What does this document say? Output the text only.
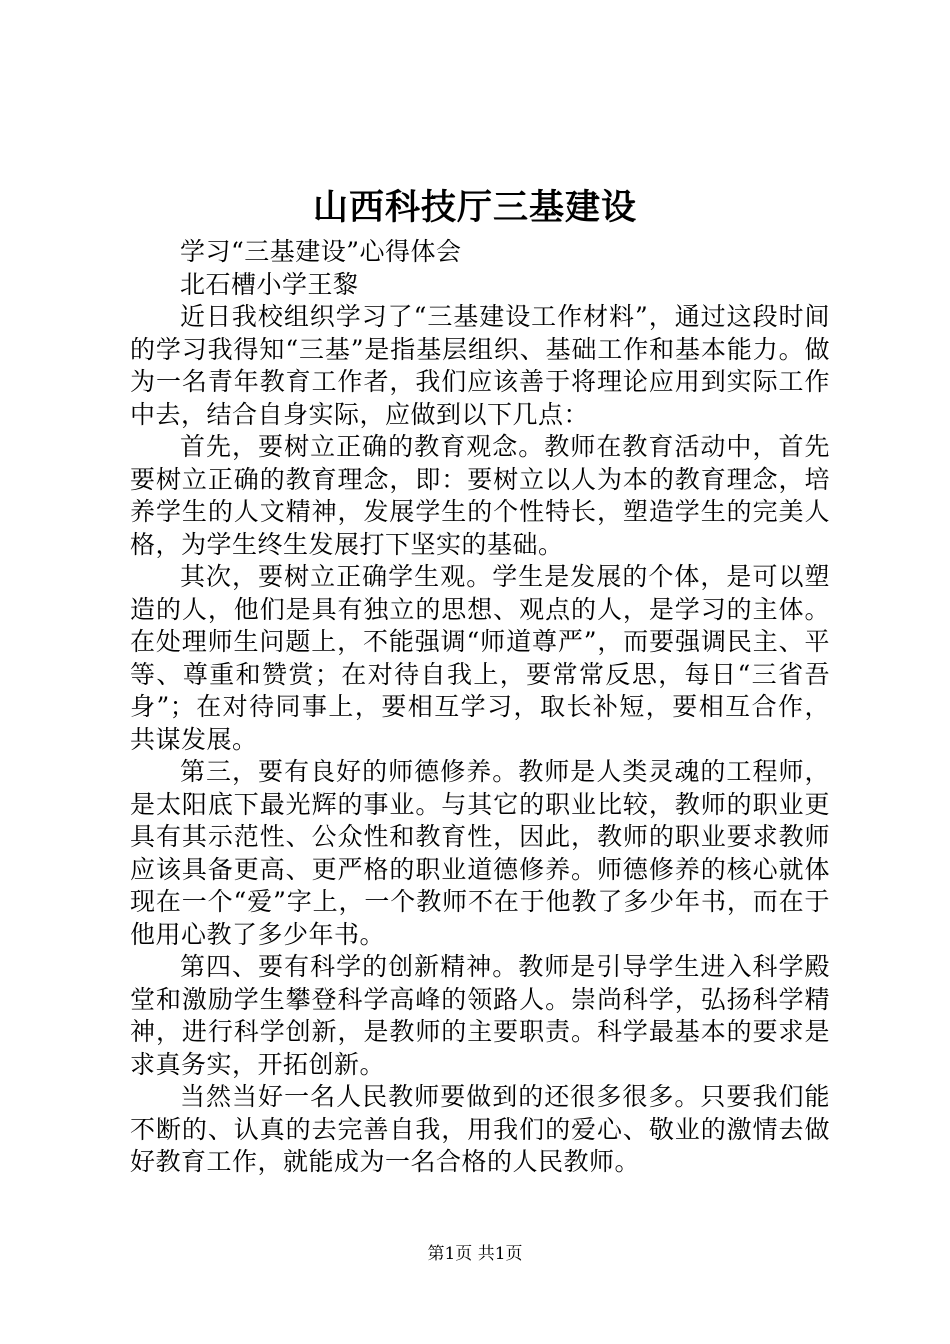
山西科技厅三基建设

学习“三基建设”心得体会

北石槽小学王黎

近日我校组织学习了“三基建设工作材料”，通过这段时间的学习我得知“三基”是指基层组织、基础工作和基本能力。做为一名青年教育工作者，我们应该善于将理论应用到实际工作中去，结合自身实际，应做到以下几点：

首先，要树立正确的教育观念。教师在教育活动中，首先要树立正确的教育理念，即：要树立以人为本的教育理念，培养学生的人文精神，发展学生的个性特长，塑造学生的完美人格，为学生终生发展打下坚实的基础。

其次，要树立正确学生观。学生是发展的个体，是可以塑造的人，他们是具有独立的思想、观点的人，是学习的主体。在处理师生问题上，不能强调“师道尊严”，而要强调民主、平等、尊重和赞赏；在对待自我上，要常常反思，每日“三省吾身”；在对待同事上，要相互学习，取长补短，要相互合作，共谋发展。

第三，要有良好的师德修养。教师是人类灵魂的工程师，是太阳底下最光辉的事业。与其它的职业比较，教师的职业更具有其示范性、公众性和教育性，因此，教师的职业要求教师应该具备更高、更严格的职业道德修养。师德修养的核心就体现在一个“爱”字上，一个教师不在于他教了多少年书，而在于他用心教了多少年书。

第四、要有科学的创新精神。教师是引导学生进入科学殿堂和激励学生攀登科学高峰的领路人。崇尚科学，弘扬科学精神，进行科学创新，是教师的主要职责。科学最基本的要求是求真务实，开拓创新。

当然当好一名人民教师要做到的还很多很多。只要我们能不断的、认真的去完善自我，用我们的爱心、敬业的激情去做好教育工作，就能成为一名合格的人民教师。

第1页 共1页
